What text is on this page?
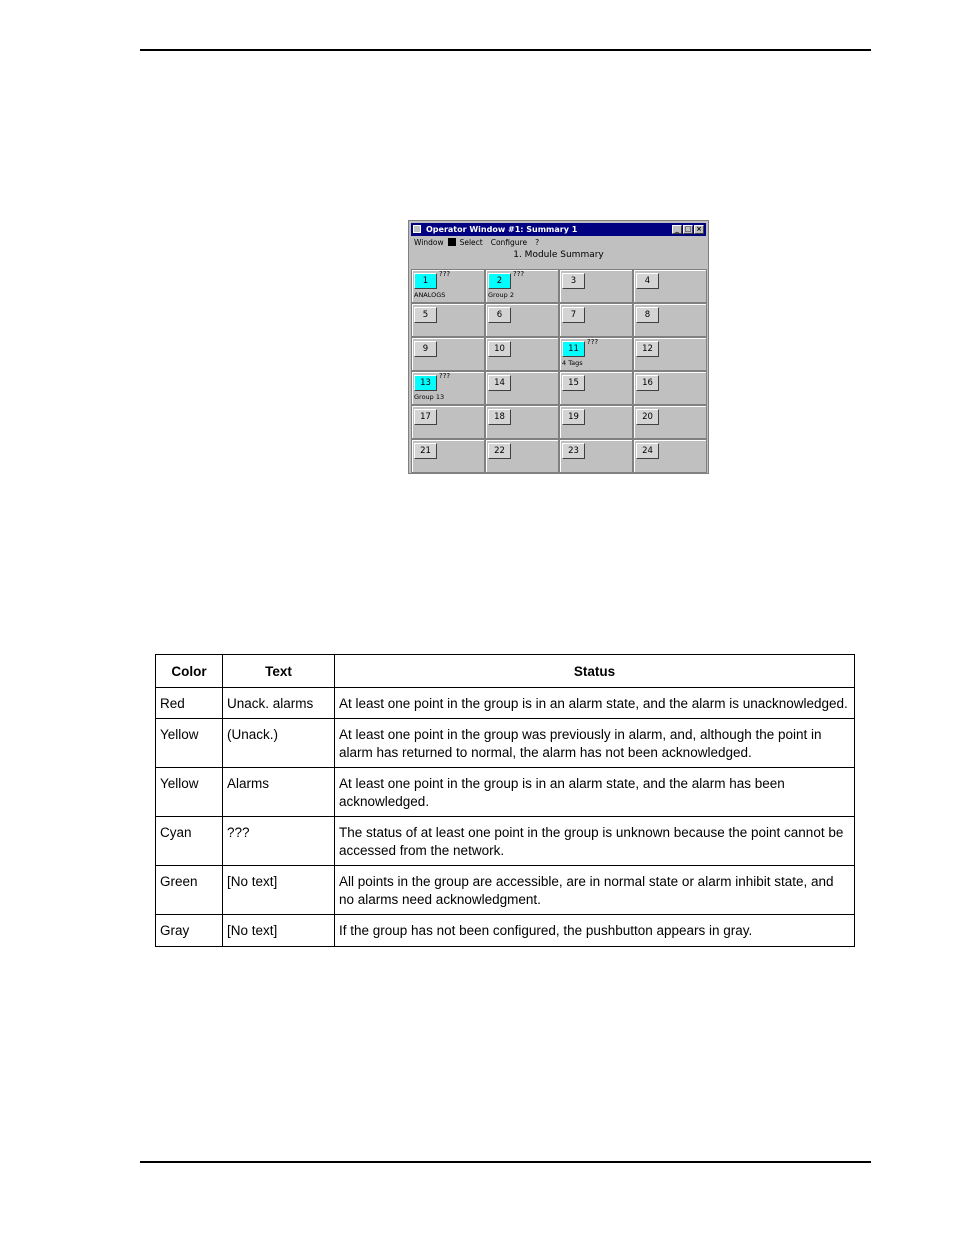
Operator Window #1: Summary 1	_ □ ×
Window Select Configure ?
1. Module Summary
1
???
ANALOGS
2
???
Group 2
3	4
5	6	7	8
9	10	11
???
4 Tags
12
13
???
Group 13
14	15	16
17	18	19	20
21	22	23	24
Color	Text	Status
Red	Unack. alarms	At least one point in the group is in an alarm state, and the alarm is unacknowledged.
Yellow	(Unack.)	At least one point in the group was previously in alarm, and, although the point in alarm has returned to normal, the alarm has not been acknowledged.
Yellow	Alarms	At least one point in the group is in an alarm state, and the alarm has been acknowledged.
Cyan	???	The status of at least one point in the group is unknown because the point cannot be accessed from the network.
Green	[No text]	All points in the group are accessible, are in normal state or alarm inhibit state, and no alarms need acknowledgment.
Gray	[No text]	If the group has not been configured, the pushbutton appears in gray.
